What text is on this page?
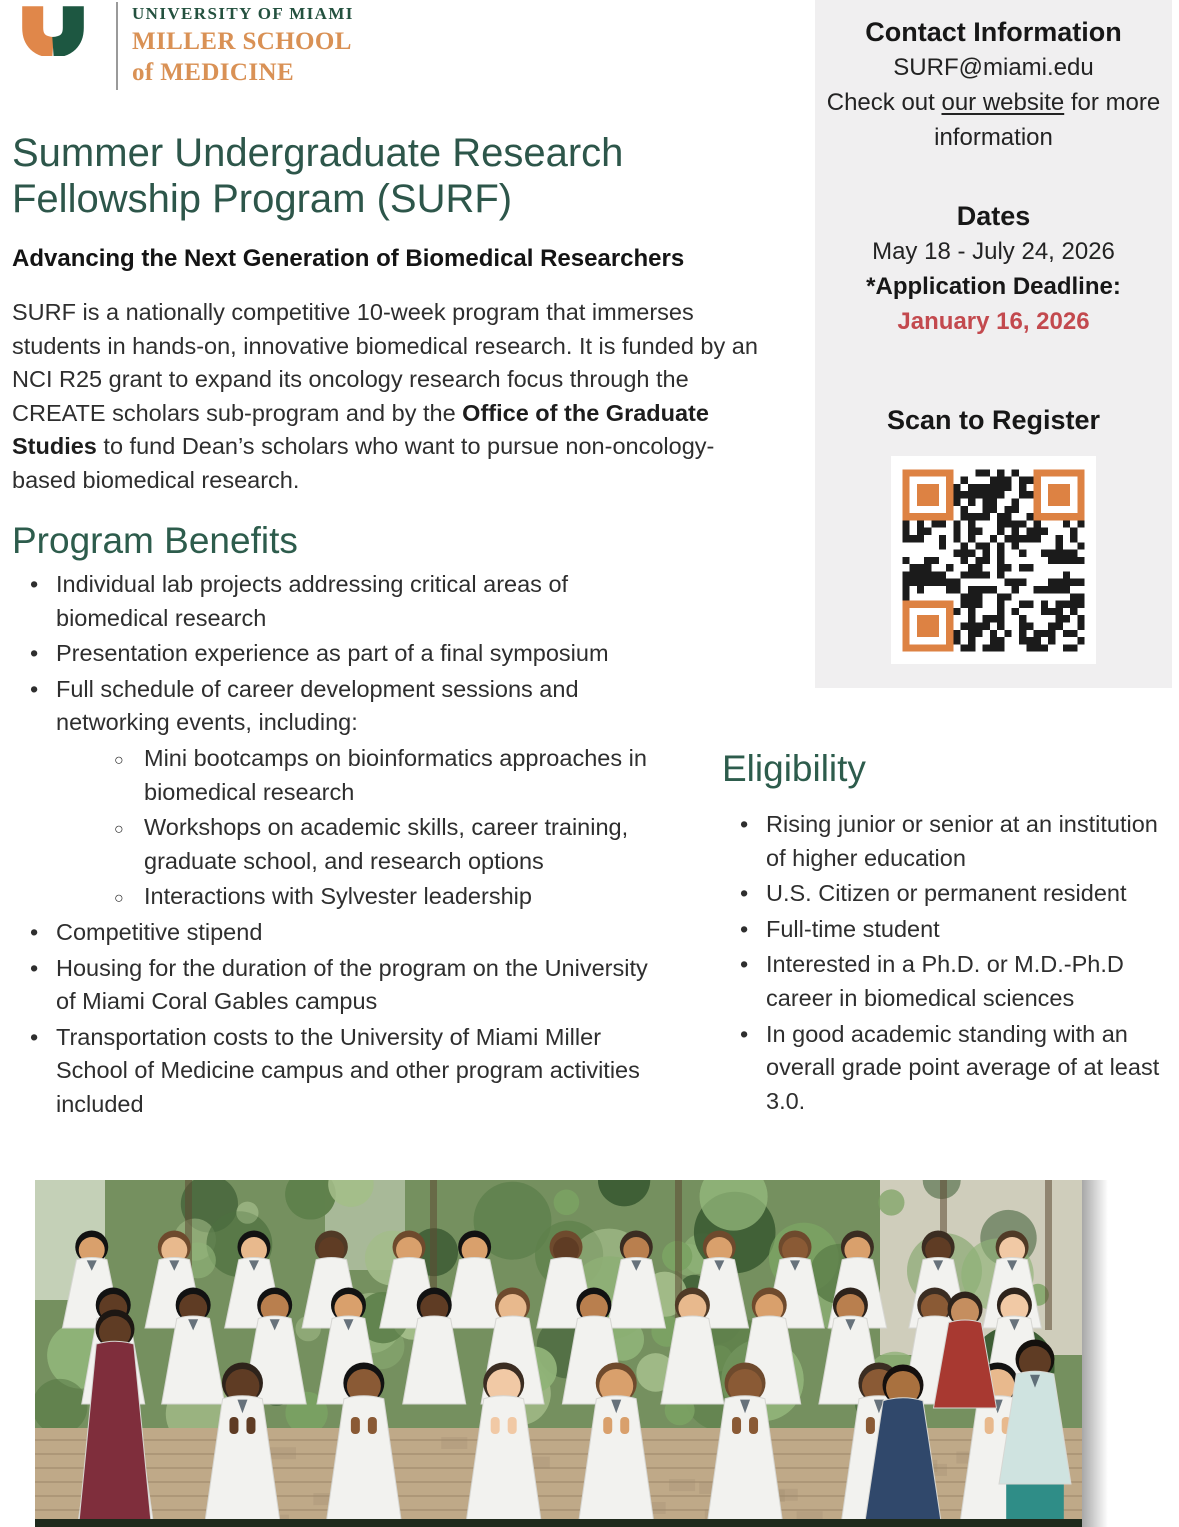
UNIVERSITY OF MIAMI
MILLER SCHOOL
of MEDICINE
Summer Undergraduate Research
Fellowship Program (SURF)
Advancing the Next Generation of Biomedical Researchers

SURF is a nationally competitive 10-week program that immerses students in hands-on, innovative biomedical research. It is funded by an NCI R25 grant to expand its oncology research focus through the CREATE scholars sub-program and by the Office of the Graduate Studies to fund Dean’s scholars who want to pursue non-oncology-based biomedical research.

Program Benefits
• Individual lab projects addressing critical areas of biomedical research
• Presentation experience as part of a final symposium
• Full schedule of career development sessions and networking events, including:
○ Mini bootcamps on bioinformatics approaches in biomedical research
○ Workshops on academic skills, career training, graduate school, and research options
○ Interactions with Sylvester leadership
• Competitive stipend
• Housing for the duration of the program on the University of Miami Coral Gables campus
• Transportation costs to the University of Miami Miller School of Medicine campus and other program activities included
Contact Information
SURF@miami.edu
Check out our website for more information
Dates
May 18 - July 24, 2026
*Application Deadline:
January 16, 2026
Scan to Register
Eligibility
• Rising junior or senior at an institution of higher education
• U.S. Citizen or permanent resident
• Full-time student
• Interested in a Ph.D. or M.D.-Ph.D career in biomedical sciences
• In good academic standing with an overall grade point average of at least 3.0.
